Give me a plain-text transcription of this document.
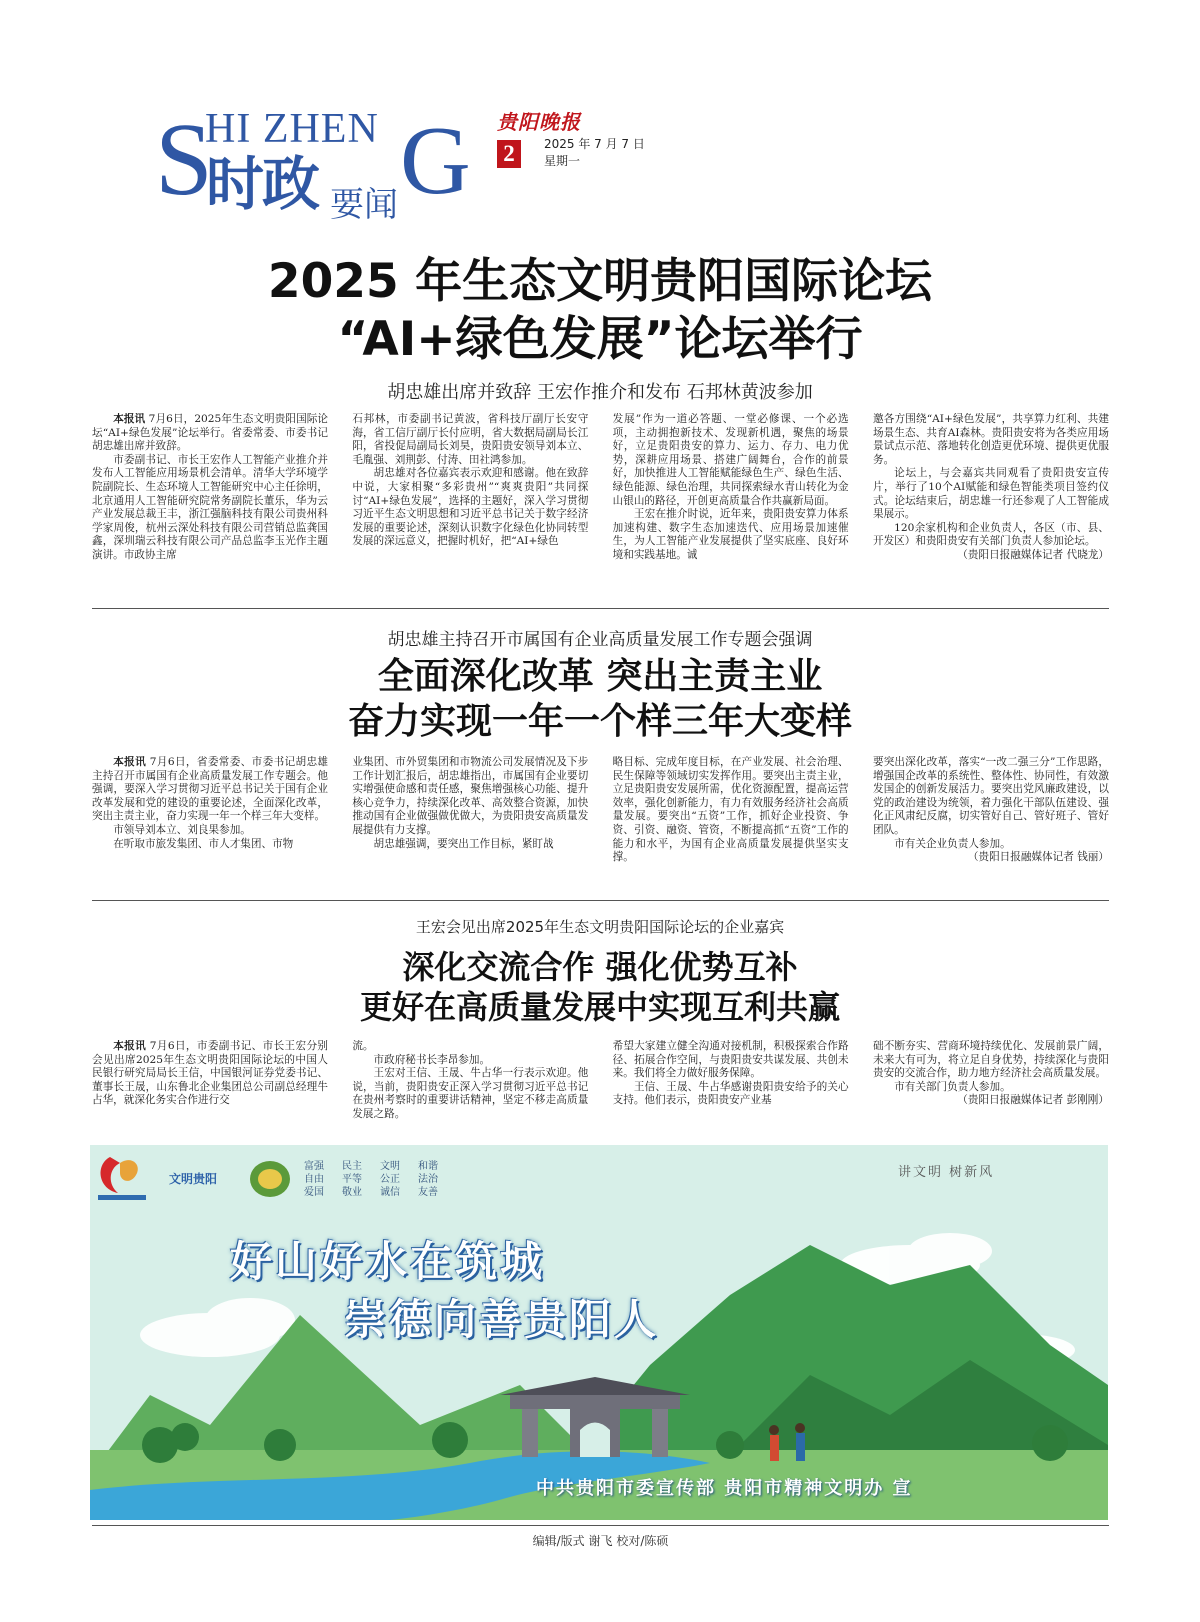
S
HI ZHEN G
时政 要闻
贵阳晚报
2	2025 年 7 月 7 日
星期一
2025 年生态文明贵阳国际论坛
“AI+绿色发展”论坛举行
胡忠雄出席并致辞 王宏作推介和发布 石邦林黄波参加

本报讯 7月6日，2025年生态文明贵阳国际论坛“AI+绿色发展”论坛举行。省委常委、市委书记胡忠雄出席并致辞。

市委副书记、市长王宏作人工智能产业推介并发布人工智能应用场景机会清单。清华大学环境学院副院长、生态环境人工智能研究中心主任徐明，北京通用人工智能研究院常务副院长董乐，华为云产业发展总裁王丰，浙江强脑科技有限公司贵州科学家周俊，杭州云深处科技有限公司营销总监龚国鑫，深圳瑞云科技有限公司产品总监李玉光作主题演讲。市政协主席

石邦林，市委副书记黄波，省科技厅副厅长安守海，省工信厅副厅长付应明，省大数据局副局长江阳，省投促局副局长刘昊，贵阳贵安领导刘本立、毛胤强、刘荆彭、付涛、田社鸿参加。

胡忠雄对各位嘉宾表示欢迎和感谢。他在致辞中说，大家相聚“多彩贵州”“爽爽贵阳”共同探讨“AI+绿色发展”，选择的主题好，深入学习贯彻习近平生态文明思想和习近平总书记关于数字经济发展的重要论述，深刻认识数字化绿色化协同转型发展的深远意义，把握时机好，把“AI+绿色

发展”作为一道必答题、一堂必修课、一个必选项，主动拥抱新技术、发现新机遇，聚焦的场景好，立足贵阳贵安的算力、运力、存力、电力优势，深耕应用场景、搭建广阔舞台，合作的前景好，加快推进人工智能赋能绿色生产、绿色生活、绿色能源、绿色治理，共同探索绿水青山转化为金山银山的路径，开创更高质量合作共赢新局面。

王宏在推介时说，近年来，贵阳贵安算力体系加速构建、数字生态加速迭代、应用场景加速催生，为人工智能产业发展提供了坚实底座、良好环境和实践基地。诚

邀各方围绕“AI+绿色发展”，共享算力红利、共建场景生态、共育AI森林。贵阳贵安将为各类应用场景试点示范、落地转化创造更优环境、提供更优服务。

论坛上，与会嘉宾共同观看了贵阳贵安宣传片，举行了10个AI赋能和绿色智能类项目签约仪式。论坛结束后，胡忠雄一行还参观了人工智能成果展示。

120余家机构和企业负责人，各区（市、县、开发区）和贵阳贵安有关部门负责人参加论坛。

（贵阳日报融媒体记者 代晓龙）

胡忠雄主持召开市属国有企业高质量发展工作专题会强调
全面深化改革 突出主责主业
奋力实现一年一个样三年大变样

本报讯 7月6日，省委常委、市委书记胡忠雄主持召开市属国有企业高质量发展工作专题会。他强调，要深入学习贯彻习近平总书记关于国有企业改革发展和党的建设的重要论述，全面深化改革，突出主责主业，奋力实现一年一个样三年大变样。

市领导刘本立、刘良果参加。

在听取市旅发集团、市人才集团、市物

业集团、市外贸集团和市物流公司发展情况及下步工作计划汇报后，胡忠雄指出，市属国有企业要切实增强使命感和责任感，聚焦增强核心功能、提升核心竞争力，持续深化改革、高效整合资源，加快推动国有企业做强做优做大，为贵阳贵安高质量发展提供有力支撑。

胡忠雄强调，要突出工作目标，紧盯战

略目标、完成年度目标，在产业发展、社会治理、民生保障等领域切实发挥作用。要突出主责主业，立足贵阳贵安发展所需，优化资源配置，提高运营效率，强化创新能力，有力有效服务经济社会高质量发展。要突出“五资”工作，抓好企业投资、争资、引资、融资、管资，不断提高抓“五资”工作的能力和水平，为国有企业高质量发展提供坚实支撑。

要突出深化改革，落实“一改二强三分”工作思路，增强国企改革的系统性、整体性、协同性，有效激发国企的创新发展活力。要突出党风廉政建设，以党的政治建设为统领，着力强化干部队伍建设、强化正风肃纪反腐，切实管好自己、管好班子、管好团队。

市有关企业负责人参加。

（贵阳日报融媒体记者 钱丽）

王宏会见出席2025年生态文明贵阳国际论坛的企业嘉宾
深化交流合作 强化优势互补
更好在高质量发展中实现互利共赢

本报讯 7月6日，市委副书记、市长王宏分别会见出席2025年生态文明贵阳国际论坛的中国人民银行研究局局长王信，中国银河证券党委书记、董事长王晟，山东鲁北企业集团总公司副总经理牛占华，就深化务实合作进行交

流。

市政府秘书长李昂参加。

王宏对王信、王晟、牛占华一行表示欢迎。他说，当前，贵阳贵安正深入学习贯彻习近平总书记在贵州考察时的重要讲话精神，坚定不移走高质量发展之路。

希望大家建立健全沟通对接机制，积极探索合作路径、拓展合作空间，与贵阳贵安共谋发展、共创未来。我们将全力做好服务保障。

王信、王晟、牛占华感谢贵阳贵安给予的关心支持。他们表示，贵阳贵安产业基

础不断夯实、营商环境持续优化、发展前景广阔，未来大有可为，将立足自身优势，持续深化与贵阳贵安的交流合作，助力地方经济社会高质量发展。

市有关部门负责人参加。

（贵阳日报融媒体记者 彭刚刚）

文明贵阳
富强	民主	文明	和谐
自由	平等	公正	法治
爱国	敬业	诚信	友善
讲文明 树新风
好山好水在筑城
崇德向善贵阳人
中共贵阳市委宣传部 贵阳市精神文明办 宣
编辑/版式 谢飞 校对/陈硕
